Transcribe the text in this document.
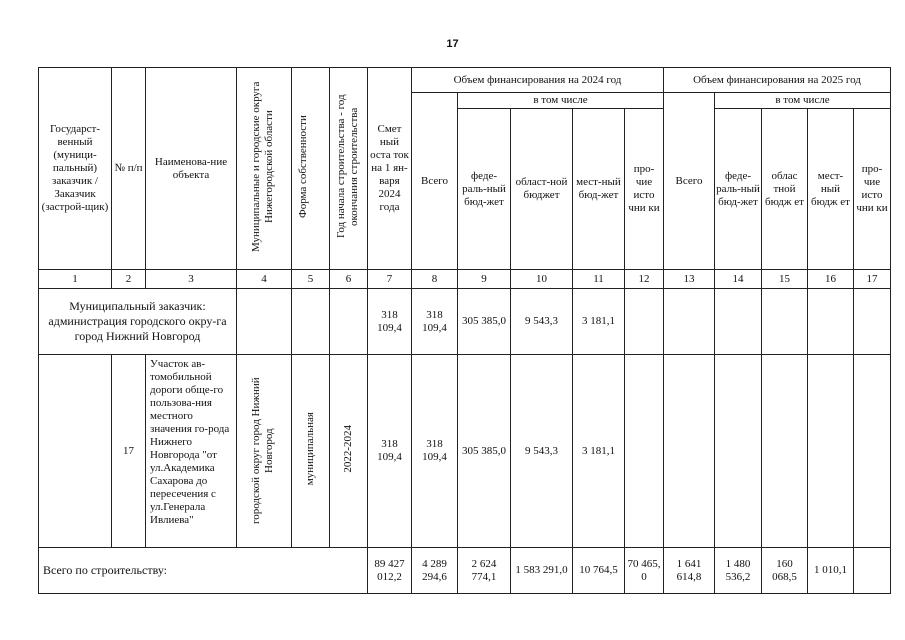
17
Государст-венный (муници-пальный) заказчик / Заказчик (застрой-щик)	№ п/п	Наименова-ние объекта	Муниципальные и городские округа Нижегородской области	Форма собственности	Год начала строительства - год окончания строительства	Смет ный оста ток на 1 ян-варя 2024 года	Объем финансирования на 2024 год					Объем финансирования на 2025 год				
							Всего	в том числе				Всего	в том числе			
								феде-раль-ный бюд-жет	област-ной бюджет	мест-ный бюд-жет	про-чие исто чни ки		феде-раль-ный бюд-жет	облас тной бюдж ет	мест-ный бюдж ет	про-чие исто чни ки
1	2	3	4	5	6	7	8	9	10	11	12	13	14	15	16	17
Муниципальный заказчик: администрация городского окру-га город Нижний Новгород						318 109,4	318 109,4	305 385,0	9 543,3	3 181,1						
	17	Участок ав-томобильной дороги обще-го пользова-ния местного значения го-рода Нижнего Новгорода "от ул.Академика Сахарова до пересечения с ул.Генерала Ивлиева"	городской округ город Нижний Новгород	муниципальная	2022-2024	318 109,4	318 109,4	305 385,0	9 543,3	3 181,1						
Всего по строительству:						89 427 012,2	4 289 294,6	2 624 774,1	1 583 291,0	10 764,5	70 465, 0	1 641 614,8	1 480 536,2	160 068,5	1 010,1	
